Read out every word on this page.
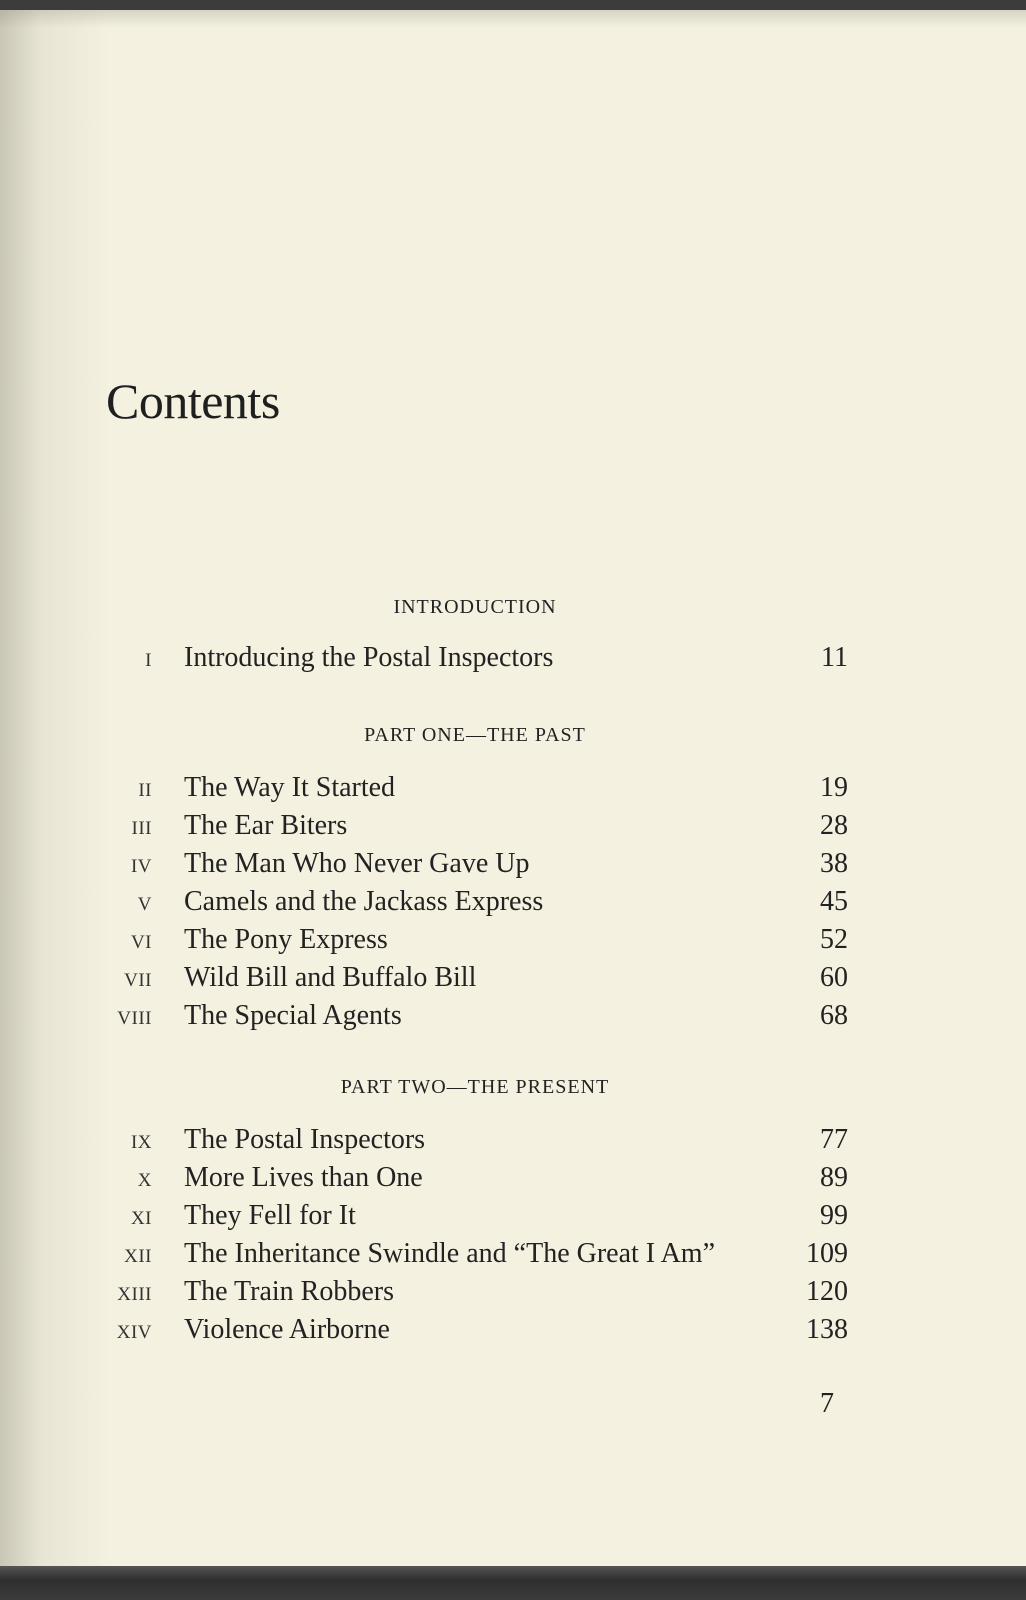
Contents
INTRODUCTION
I Introducing the Postal Inspectors	11
PART ONE—THE PAST
II The Way It Started	19
III The Ear Biters	28
IV The Man Who Never Gave Up	38
V Camels and the Jackass Express	45
VI The Pony Express	52
VII Wild Bill and Buffalo Bill	60
VIII The Special Agents	68
PART TWO—THE PRESENT
IX The Postal Inspectors	77
X More Lives than One	89
XI They Fell for It	99
XII The Inheritance Swindle and “The Great I Am”	109
XIII The Train Robbers	120
XIV Violence Airborne	138
7
